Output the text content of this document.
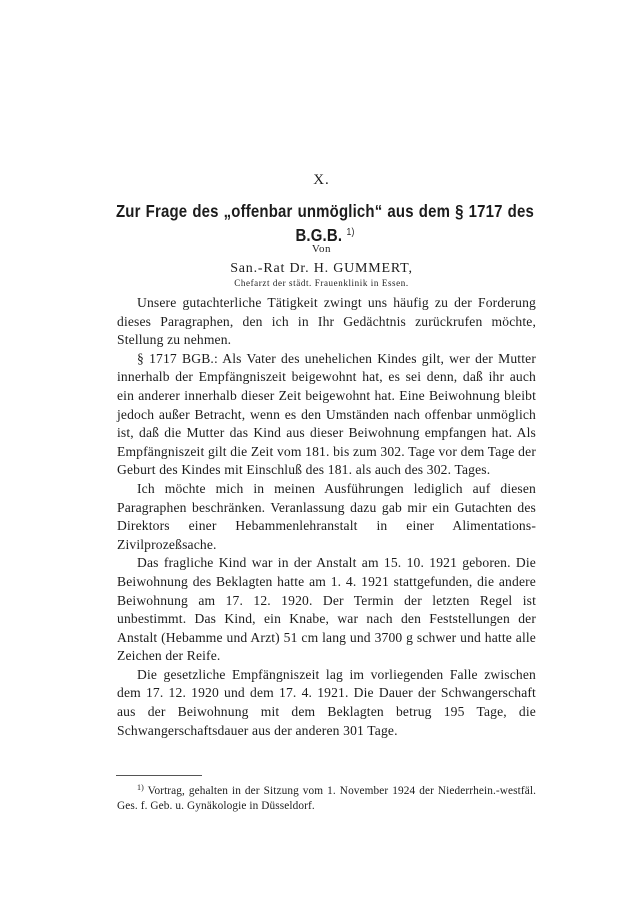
X.
Zur Frage des „offenbar unmöglich“ aus dem § 1717 des
B.G.B. $^{1)}$
Von
San.-Rat Dr. H. GUMMERT,
Chefarzt der städt. Frauenklinik in Essen.

Unsere gutachterliche Tätigkeit zwingt uns häufig zu der Forderung dieses Paragraphen, den ich in Ihr Gedächtnis zurückrufen möchte, Stellung zu nehmen.

§ 1717 BGB.: Als Vater des unehelichen Kindes gilt, wer der Mutter innerhalb der Empfängniszeit beigewohnt hat, es sei denn, daß ihr auch ein anderer innerhalb dieser Zeit beigewohnt hat. Eine Beiwohnung bleibt jedoch außer Betracht, wenn es den Umständen nach offenbar unmöglich ist, daß die Mutter das Kind aus dieser Beiwohnung empfangen hat. Als Empfängniszeit gilt die Zeit vom 181. bis zum 302. Tage vor dem Tage der Geburt des Kindes mit Einschluß des 181. als auch des 302. Tages.

Ich möchte mich in meinen Ausführungen lediglich auf diesen Paragraphen beschränken. Veranlassung dazu gab mir ein Gutachten des Direktors einer Hebammenlehranstalt in einer Alimentations-Zivilprozeßsache.

Das fragliche Kind war in der Anstalt am 15. 10. 1921 geboren. Die Beiwohnung des Beklagten hatte am 1. 4. 1921 stattgefunden, die andere Beiwohnung am 17. 12. 1920. Der Termin der letzten Regel ist unbestimmt. Das Kind, ein Knabe, war nach den Feststellungen der Anstalt (Hebamme und Arzt) 51 cm lang und 3700 g schwer und hatte alle Zeichen der Reife.

Die gesetzliche Empfängniszeit lag im vorliegenden Falle zwischen dem 17. 12. 1920 und dem 17. 4. 1921. Die Dauer der Schwangerschaft aus der Beiwohnung mit dem Beklagten betrug 195 Tage, die Schwangerschaftsdauer aus der anderen 301 Tage.

$^{1)}$ Vortrag, gehalten in der Sitzung vom 1. November 1924 der Niederrhein.-westfäl. Ges. f. Geb. u. Gynäkologie in Düsseldorf.
